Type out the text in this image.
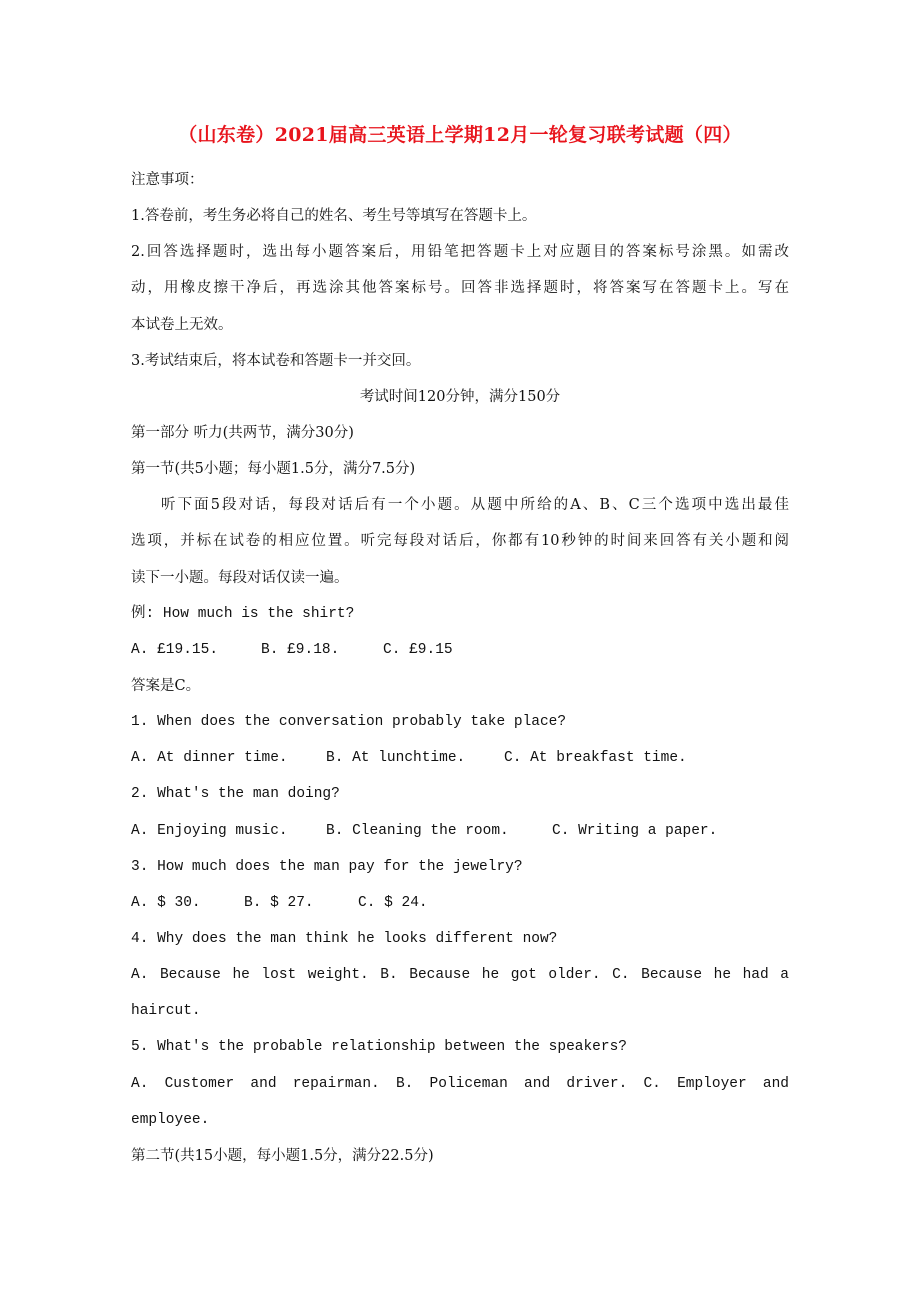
（山东卷）2021届高三英语上学期12月一轮复习联考试题（四）
注意事项：
1.答卷前，考生务必将自己的姓名、考生号等填写在答题卡上。
2.回答选择题时，选出每小题答案后，用铅笔把答题卡上对应题目的答案标号涂黑。如需改
动，用橡皮擦干净后，再选涂其他答案标号。回答非选择题时，将答案写在答题卡上。写在
本试卷上无效。
3.考试结束后，将本试卷和答题卡一并交回。
考试时间120分钟，满分150分
第一部分 听力(共两节，满分30分)
第一节(共5小题；每小题1.5分，满分7.5分)
听下面5段对话，每段对话后有一个小题。从题中所给的A、B、C三个选项中选出最佳
选项，并标在试卷的相应位置。听完每段对话后，你都有10秒钟的时间来回答有关小题和阅
读下一小题。每段对话仅读一遍。
例: How much is the shirt?
A. £19.15.	B. £9.18.	C. £9.15
答案是C。
1. When does the conversation probably take place?
A. At dinner time.	B. At lunchtime.	C. At breakfast time.
2. What's the man doing?
A. Enjoying music.	B. Cleaning the room.	C. Writing a paper.
3. How much does the man pay for the jewelry?
A. $ 30.	B. $ 27.	C. $ 24.
4. Why does the man think he looks different now?
A. Because he lost weight. B. Because he got older. C. Because he had a
haircut.
5. What's the probable relationship between the speakers?
A. Customer and repairman. B. Policeman and driver. C. Employer and
employee.
第二节(共15小题，每小题1.5分，满分22.5分)
